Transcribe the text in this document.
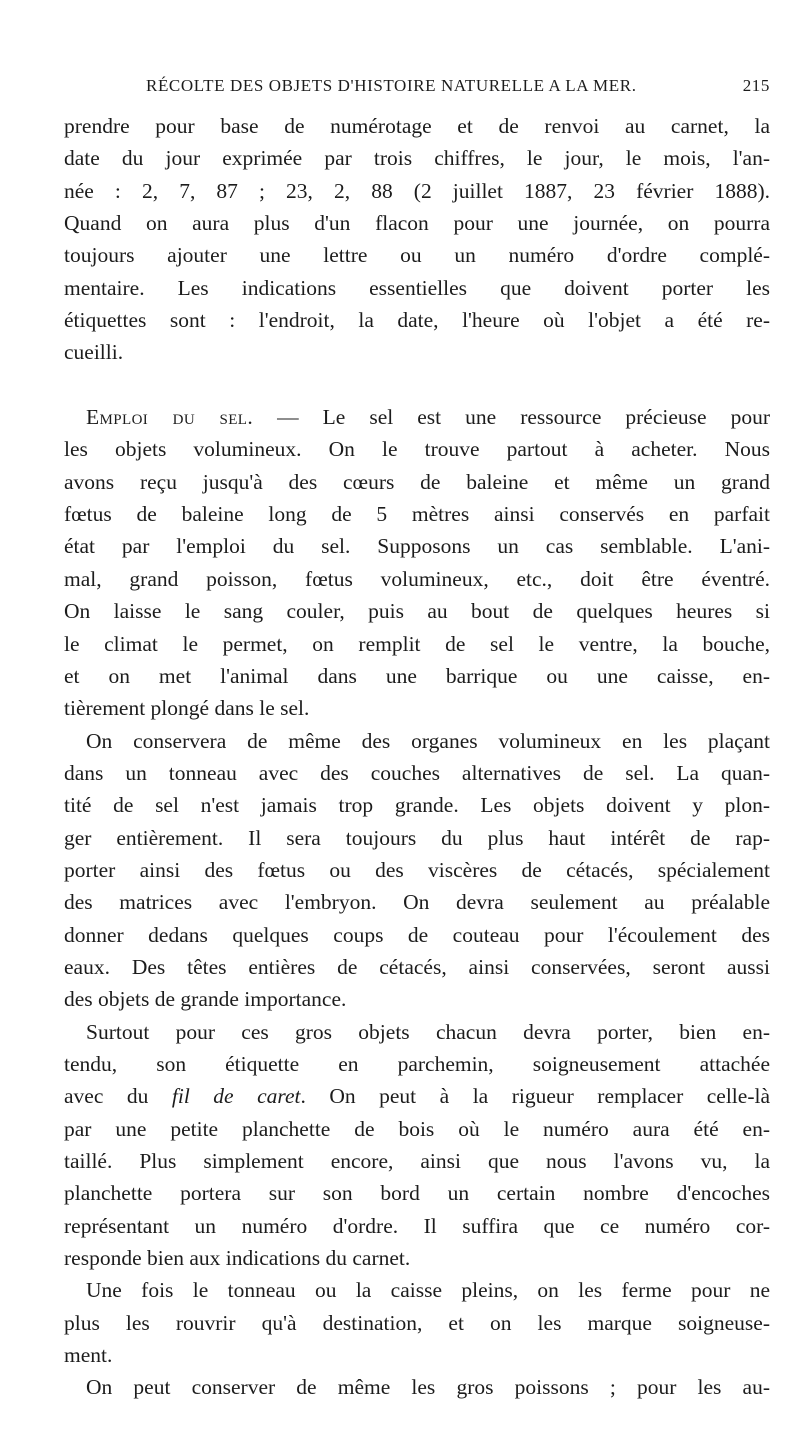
RÉCOLTE DES OBJETS D'HISTOIRE NATURELLE A LA MER.	215
prendre pour base de numérotage et de renvoi au carnet, la
date du jour exprimée par trois chiffres, le jour, le mois, l'an-
née : 2, 7, 87 ; 23, 2, 88 (2 juillet 1887, 23 février 1888).
Quand on aura plus d'un flacon pour une journée, on pourra
toujours ajouter une lettre ou un numéro d'ordre complé-
mentaire. Les indications essentielles que doivent porter les
étiquettes sont : l'endroit, la date, l'heure où l'objet a été re-
cueilli.
Emploi du sel. — Le sel est une ressource précieuse pour
les objets volumineux. On le trouve partout à acheter. Nous
avons reçu jusqu'à des cœurs de baleine et même un grand
fœtus de baleine long de 5 mètres ainsi conservés en parfait
état par l'emploi du sel. Supposons un cas semblable. L'ani-
mal, grand poisson, fœtus volumineux, etc., doit être éventré.
On laisse le sang couler, puis au bout de quelques heures si
le climat le permet, on remplit de sel le ventre, la bouche,
et on met l'animal dans une barrique ou une caisse, en-
tièrement plongé dans le sel.
On conservera de même des organes volumineux en les plaçant
dans un tonneau avec des couches alternatives de sel. La quan-
tité de sel n'est jamais trop grande. Les objets doivent y plon-
ger entièrement. Il sera toujours du plus haut intérêt de rap-
porter ainsi des fœtus ou des viscères de cétacés, spécialement
des matrices avec l'embryon. On devra seulement au préalable
donner dedans quelques coups de couteau pour l'écoulement des
eaux. Des têtes entières de cétacés, ainsi conservées, seront aussi
des objets de grande importance.
Surtout pour ces gros objets chacun devra porter, bien en-
tendu, son étiquette en parchemin, soigneusement attachée
avec du fil de caret. On peut à la rigueur remplacer celle-là
par une petite planchette de bois où le numéro aura été en-
taillé. Plus simplement encore, ainsi que nous l'avons vu, la
planchette portera sur son bord un certain nombre d'encoches
représentant un numéro d'ordre. Il suffira que ce numéro cor-
responde bien aux indications du carnet.
Une fois le tonneau ou la caisse pleins, on les ferme pour ne
plus les rouvrir qu'à destination, et on les marque soigneuse-
ment.
On peut conserver de même les gros poissons ; pour les au-
